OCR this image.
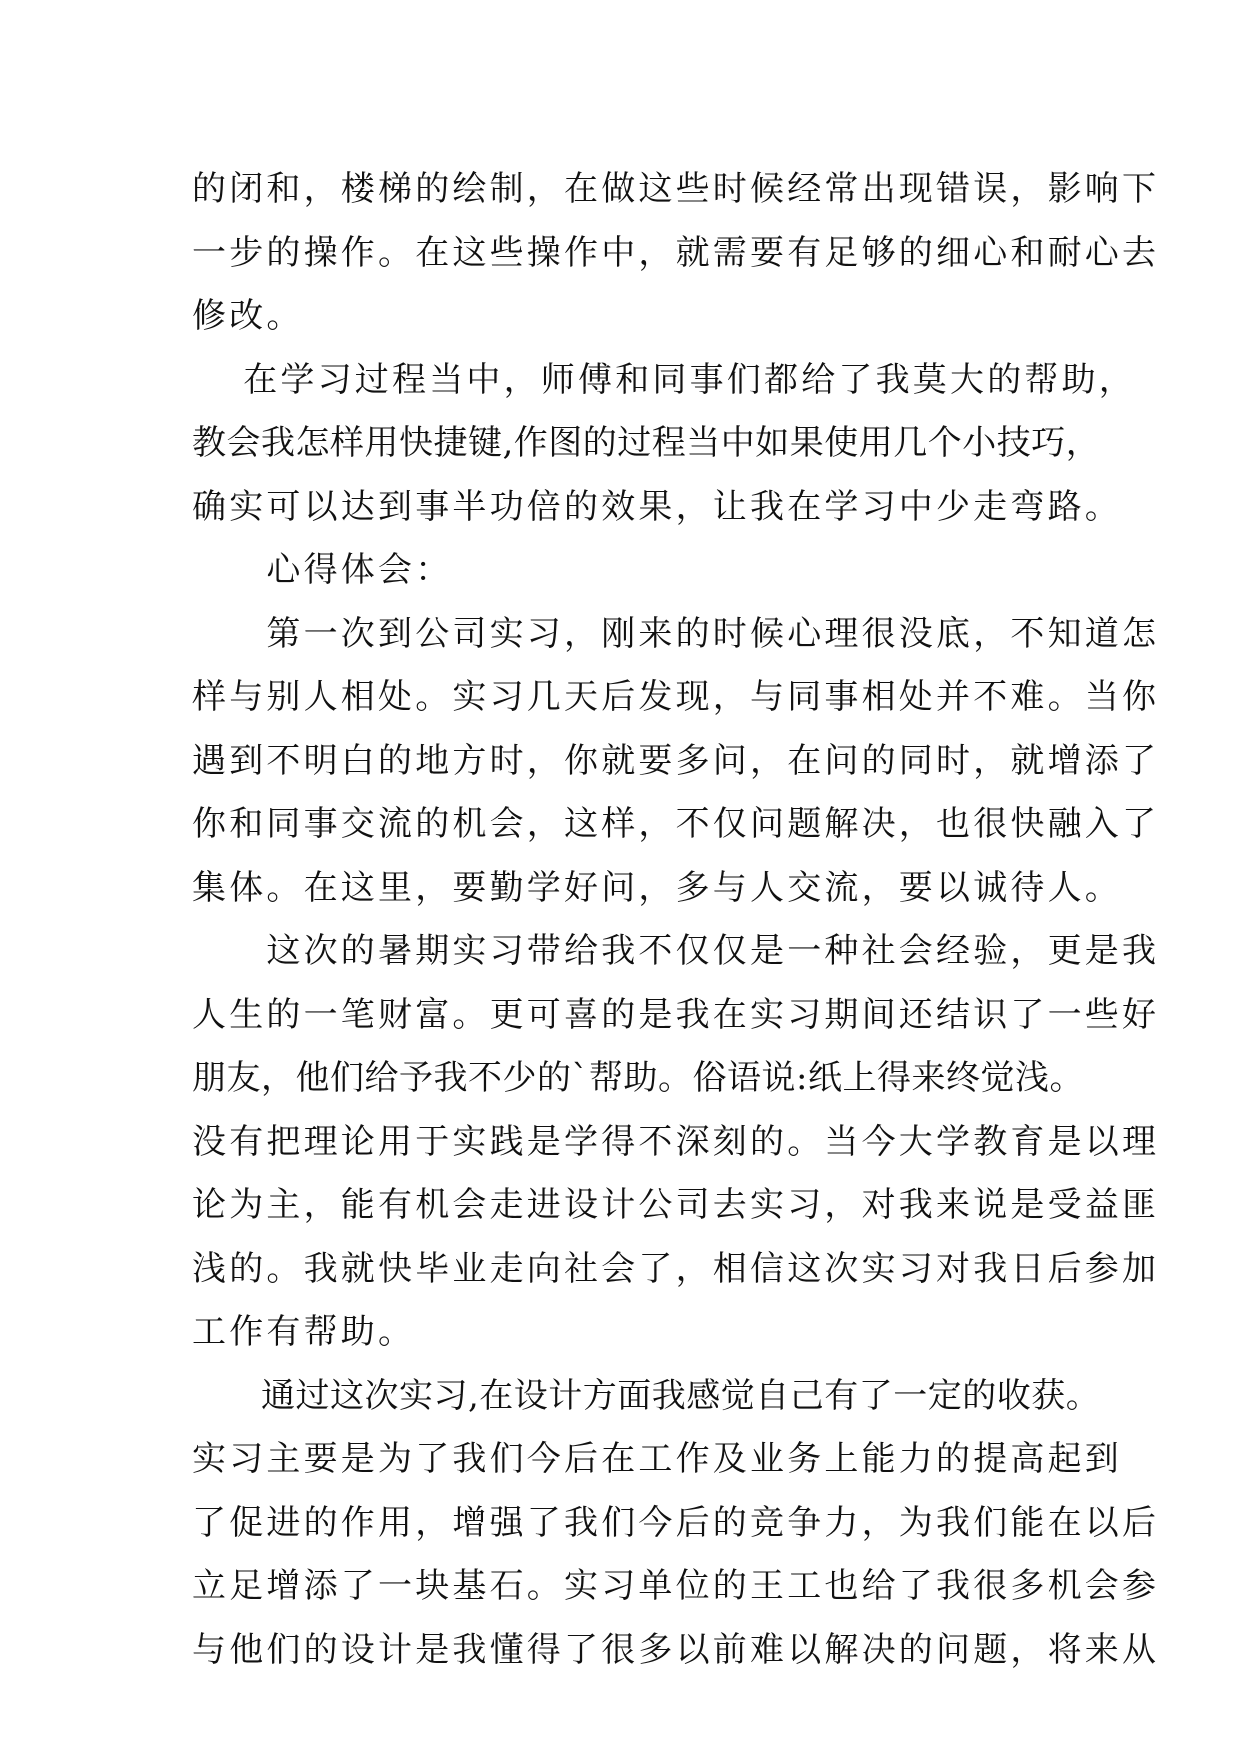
的闭和，楼梯的绘制，在做这些时候经常出现错误，影响下
一步的操作。在这些操作中，就需要有足够的细心和耐心去
修改。
　 在学习过程当中，师傅和同事们都给了我莫大的帮助，
教会我怎样用快捷键,作图的过程当中如果使用几个小技巧，
确实可以达到事半功倍的效果，让我在学习中少走弯路。
　　心得体会：
　　第一次到公司实习，刚来的时候心理很没底，不知道怎
样与别人相处。实习几天后发现，与同事相处并不难。当你
遇到不明白的地方时，你就要多问，在问的同时，就增添了
你和同事交流的机会，这样，不仅问题解决，也很快融入了
集体。在这里，要勤学好问，多与人交流，要以诚待人。
　　这次的暑期实习带给我不仅仅是一种社会经验，更是我
人生的一笔财富。更可喜的是我在实习期间还结识了一些好
朋友，他们给予我不少的`帮助。俗语说:纸上得来终觉浅。
没有把理论用于实践是学得不深刻的。当今大学教育是以理
论为主，能有机会走进设计公司去实习，对我来说是受益匪
浅的。我就快毕业走向社会了，相信这次实习对我日后参加
工作有帮助。
　　通过这次实习,在设计方面我感觉自己有了一定的收获。
实习主要是为了我们今后在工作及业务上能力的提高起到
了促进的作用，增强了我们今后的竞争力，为我们能在以后
立足增添了一块基石。实习单位的王工也给了我很多机会参
与他们的设计是我懂得了很多以前难以解决的问题，将来从
